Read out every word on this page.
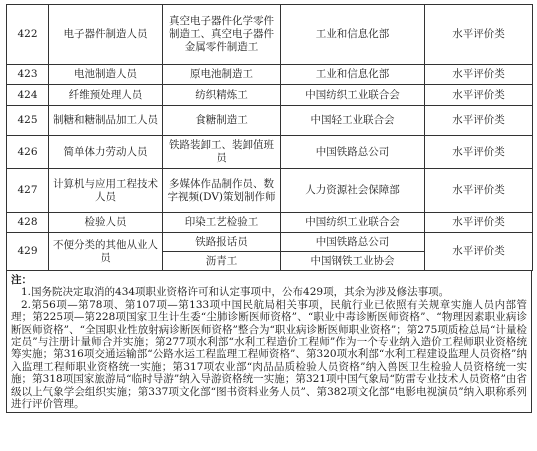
422	电子器件制造人员	真空电子器件化学零件制造工、真空电子器件金属零件制造工	工业和信息化部	水平评价类
423	电池制造人员	原电池制造工	工业和信息化部	水平评价类
424	纤维预处理人员	纺织精炼工	中国纺织工业联合会	水平评价类
425	制糖和糖制品加工人员	食糖制造工	中国轻工业联合会	水平评价类
426	简单体力劳动人员	铁路装卸工、装卸值班员	中国铁路总公司	水平评价类
427	计算机与应用工程技术人员	多媒体作品制作员、数字视频(DV)策划制作师	人力资源社会保障部	水平评价类
428	检验人员	印染工艺检验工	中国纺织工业联合会	水平评价类
429	不便分类的其他从业人员	铁路报话员	中国铁路总公司	水平评价类
		沥青工	中国钢铁工业协会	
注：

1.国务院决定取消的434项职业资格许可和认定事项中，公布429项，其余为涉及修法事项。

2.第56项—第78项、第107项—第133项中国民航局相关事项，民航行业已依照有关规章实施人员内部管理；第225项—第228项国家卫生计生委“尘肺诊断医师资格”、“职业中毒诊断医师资格”、“物理因素职业病诊断医师资格”、“全国职业性放射病诊断医师资格”整合为“职业病诊断医师职业资格”；第275项质检总局“计量检定员”与注册计量师合并实施；第277项水利部“水利工程造价工程师”作为一个专业纳入造价工程师职业资格统筹实施；第316项交通运输部“公路水运工程监理工程师资格”、第320项水利部“水利工程建设监理人员资格”纳入监理工程师职业资格统一实施；第317项农业部“肉品品质检验人员资格”纳入兽医卫生检验人员资格统一实施；第318项国家旅游局“临时导游”纳入导游资格统一实施；第321项中国气象局“防雷专业技术人员资格”由省级以上气象学会组织实施；第337项文化部“图书资料业务人员”、第382项文化部“电影电视演员”纳入职称系列进行评价管理。
